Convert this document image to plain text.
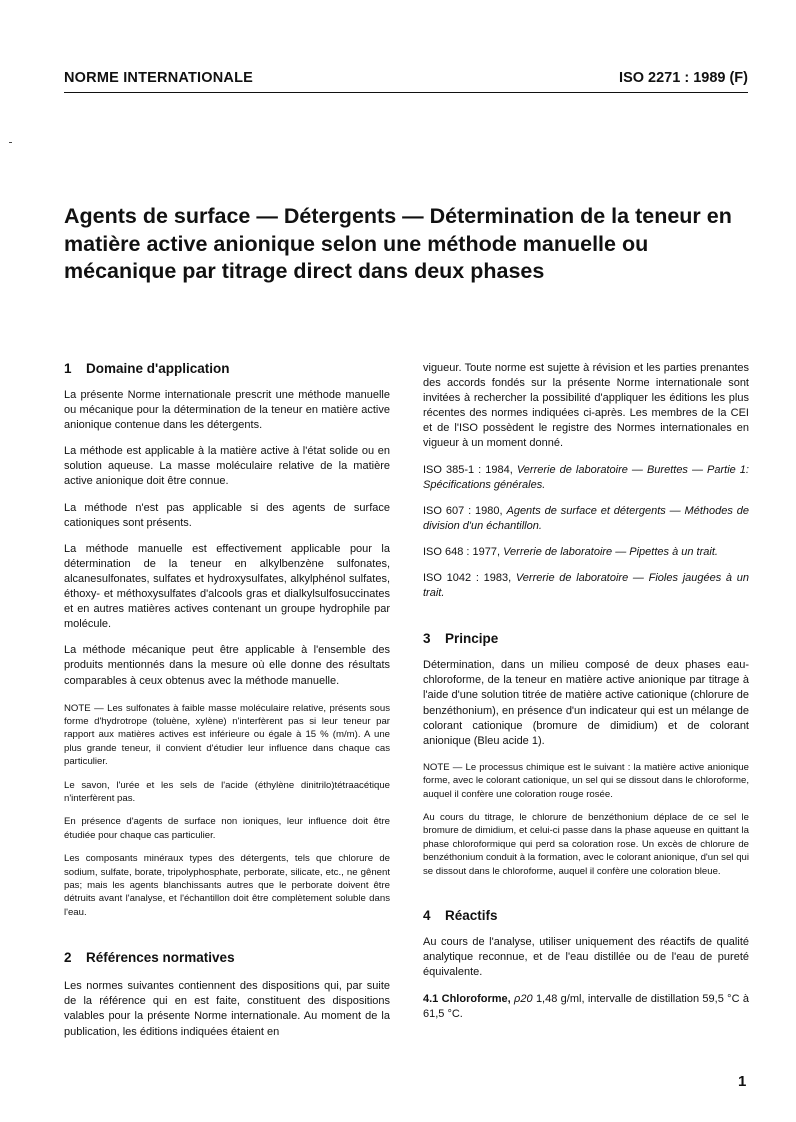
NORME INTERNATIONALE	ISO 2271 : 1989 (F)
Agents de surface — Détergents — Détermination de la teneur en matière active anionique selon une méthode manuelle ou mécanique par titrage direct dans deux phases
1 Domaine d'application

La présente Norme internationale prescrit une méthode manuelle ou mécanique pour la détermination de la teneur en matière active anionique contenue dans les détergents.

La méthode est applicable à la matière active à l'état solide ou en solution aqueuse. La masse moléculaire relative de la matière active anionique doit être connue.

La méthode n'est pas applicable si des agents de surface cationiques sont présents.

La méthode manuelle est effectivement applicable pour la détermination de la teneur en alkylbenzène sulfonates, alcanesulfonates, sulfates et hydroxysulfates, alkylphénol sulfates, éthoxy- et méthoxysulfates d'alcools gras et dialkylsulfosuccinates et en autres matières actives contenant un groupe hydrophile par molécule.

La méthode mécanique peut être applicable à l'ensemble des produits mentionnés dans la mesure où elle donne des résultats comparables à ceux obtenus avec la méthode manuelle.

NOTE — Les sulfonates à faible masse moléculaire relative, présents sous forme d'hydrotrope (toluène, xylène) n'interfèrent pas si leur teneur par rapport aux matières actives est inférieure ou égale à 15 % (m/m). A une plus grande teneur, il convient d'étudier leur influence dans chaque cas particulier.

Le savon, l'urée et les sels de l'acide (éthylène dinitrilo)tétraacétique n'interfèrent pas.

En présence d'agents de surface non ioniques, leur influence doit être étudiée pour chaque cas particulier.

Les composants minéraux types des détergents, tels que chlorure de sodium, sulfate, borate, tripolyphosphate, perborate, silicate, etc., ne gênent pas; mais les agents blanchissants autres que le perborate doivent être détruits avant l'analyse, et l'échantillon doit être complètement soluble dans l'eau.

2 Références normatives

Les normes suivantes contiennent des dispositions qui, par suite de la référence qui en est faite, constituent des dispositions valables pour la présente Norme internationale. Au moment de la publication, les éditions indiquées étaient en

vigueur. Toute norme est sujette à révision et les parties prenantes des accords fondés sur la présente Norme internationale sont invitées à rechercher la possibilité d'appliquer les éditions les plus récentes des normes indiquées ci-après. Les membres de la CEI et de l'ISO possèdent le registre des Normes internationales en vigueur à un moment donné.

ISO 385-1 : 1984, Verrerie de laboratoire — Burettes — Partie 1: Spécifications générales.

ISO 607 : 1980, Agents de surface et détergents — Méthodes de division d'un échantillon.

ISO 648 : 1977, Verrerie de laboratoire — Pipettes à un trait.

ISO 1042 : 1983, Verrerie de laboratoire — Fioles jaugées à un trait.

3 Principe

Détermination, dans un milieu composé de deux phases eau-chloroforme, de la teneur en matière active anionique par titrage à l'aide d'une solution titrée de matière active cationique (chlorure de benzéthonium), en présence d'un indicateur qui est un mélange de colorant cationique (bromure de dimidium) et de colorant anionique (Bleu acide 1).

NOTE — Le processus chimique est le suivant : la matière active anionique forme, avec le colorant cationique, un sel qui se dissout dans le chloroforme, auquel il confère une coloration rouge rosée.

Au cours du titrage, le chlorure de benzéthonium déplace de ce sel le bromure de dimidium, et celui-ci passe dans la phase aqueuse en quittant la phase chloroformique qui perd sa coloration rose. Un excès de chlorure de benzéthonium conduit à la formation, avec le colorant anionique, d'un sel qui se dissout dans le chloroforme, auquel il confère une coloration bleue.

4 Réactifs

Au cours de l'analyse, utiliser uniquement des réactifs de qualité analytique reconnue, et de l'eau distillée ou de l'eau de pureté équivalente.

4.1 Chloroforme, ρ20 1,48 g/ml, intervalle de distillation 59,5 °C à 61,5 °C.

1
